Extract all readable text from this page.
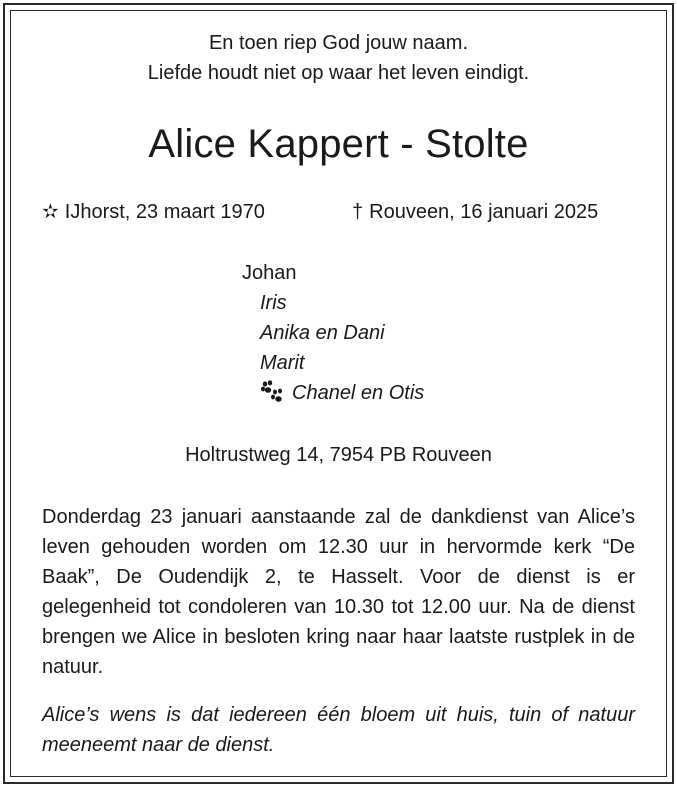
En toen riep God jouw naam.
Liefde houdt niet op waar het leven eindigt.
Alice Kappert - Stolte
✫ IJhorst, 23 maart 1970	† Rouveen, 16 januari 2025
Johan
Iris
Anika en Dani
Marit
Chanel en Otis
Holtrustweg 14, 7954 PB Rouveen
Donderdag 23 januari aanstaande zal de dankdienst van Alice’s leven gehouden worden om 12.30 uur in hervormde kerk “De Baak”, De Oudendijk 2, te Hasselt. Voor de dienst is er gelegenheid tot condoleren van 10.30 tot 12.00 uur. Na de dienst brengen we Alice in besloten kring naar haar laatste rustplek in de natuur.
Alice’s wens is dat iedereen één bloem uit huis, tuin of natuur meeneemt naar de dienst.
